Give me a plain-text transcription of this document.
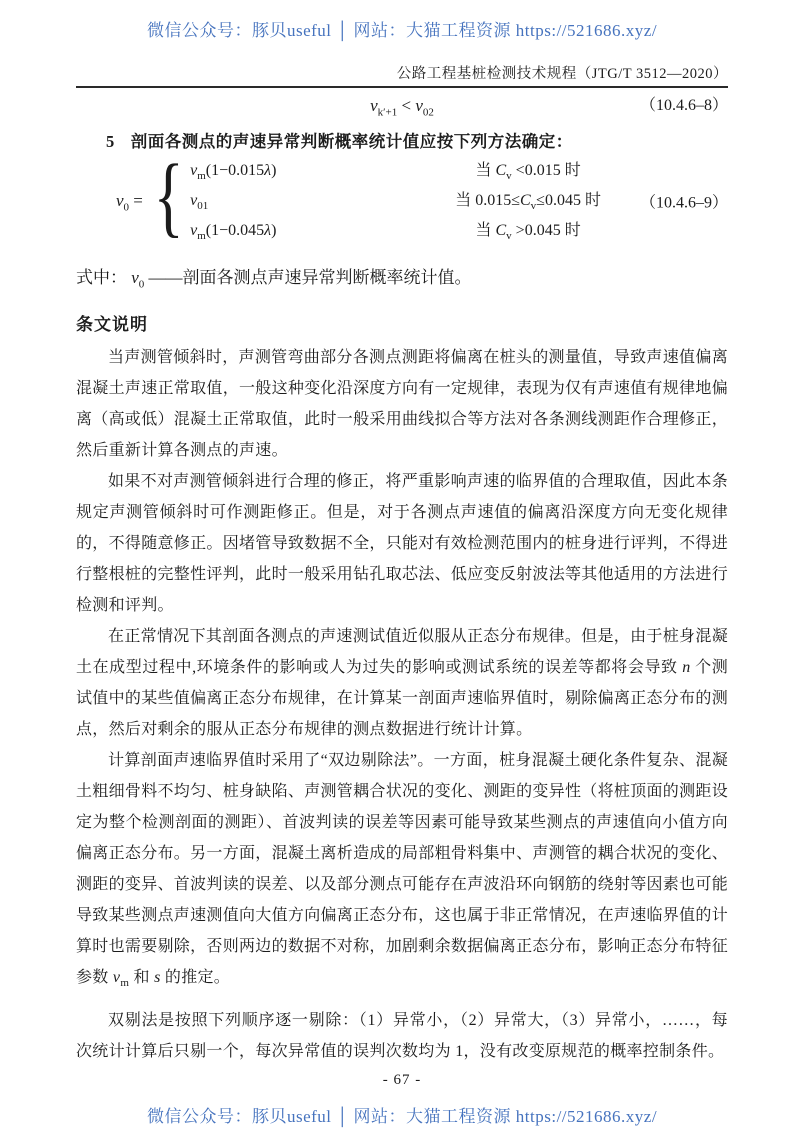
微信公众号：豚贝useful │ 网站：大猫工程资源 https://521686.xyz/
公路工程基桩检测技术规程（JTG/T 3512—2020）
$v_{k'+1} < v_{02}$	（10.4.6–8）

5 剖面各测点的声速异常判断概率统计值应按下列方法确定：

$v_0$ = { $v_m(1-0.015\lambda)$	当 $C_v <0.015$ 时
$v_{01}$	当 $0.015\le C_v\le 0.045$ 时
$v_m(1-0.045\lambda)$	当 $C_v >0.045$ 时
（10.4.6–9）

式中： $v_0$ ——剖面各测点声速异常判断概率统计值。

条文说明

当声测管倾斜时，声测管弯曲部分各测点测距将偏离在桩头的测量值，导致声速值偏离混凝土声速正常取值，一般这种变化沿深度方向有一定规律，表现为仅有声速值有规律地偏离（高或低）混凝土正常取值，此时一般采用曲线拟合等方法对各条测线测距作合理修正，然后重新计算各测点的声速。

如果不对声测管倾斜进行合理的修正，将严重影响声速的临界值的合理取值，因此本条规定声测管倾斜时可作测距修正。但是，对于各测点声速值的偏离沿深度方向无变化规律的，不得随意修正。因堵管导致数据不全，只能对有效检测范围内的桩身进行评判，不得进行整根桩的完整性评判，此时一般采用钻孔取芯法、低应变反射波法等其他适用的方法进行检测和评判。

在正常情况下其剖面各测点的声速测试值近似服从正态分布规律。但是，由于桩身混凝土在成型过程中,环境条件的影响或人为过失的影响或测试系统的误差等都将会导致 n 个测试值中的某些值偏离正态分布规律，在计算某一剖面声速临界值时，剔除偏离正态分布的测点，然后对剩余的服从正态分布规律的测点数据进行统计计算。

计算剖面声速临界值时采用了“双边剔除法”。一方面，桩身混凝土硬化条件复杂、混凝土粗细骨料不均匀、桩身缺陷、声测管耦合状况的变化、测距的变异性（将桩顶面的测距设定为整个检测剖面的测距）、首波判读的误差等因素可能导致某些测点的声速值向小值方向偏离正态分布。另一方面，混凝土离析造成的局部粗骨料集中、声测管的耦合状况的变化、测距的变异、首波判读的误差、以及部分测点可能存在声波沿环向钢筋的绕射等因素也可能导致某些测点声速测值向大值方向偏离正态分布，这也属于非正常情况，在声速临界值的计算时也需要剔除，否则两边的数据不对称，加剧剩余数据偏离正态分布，影响正态分布特征参数 $v_m$ 和 s 的推定。

双剔法是按照下列顺序逐一剔除：（1）异常小，（2）异常大，（3）异常小，……，每次统计计算后只剔一个，每次异常值的误判次数均为 1，没有改变原规范的概率控制条件。

- 67 -
微信公众号：豚贝useful │ 网站：大猫工程资源 https://521686.xyz/
